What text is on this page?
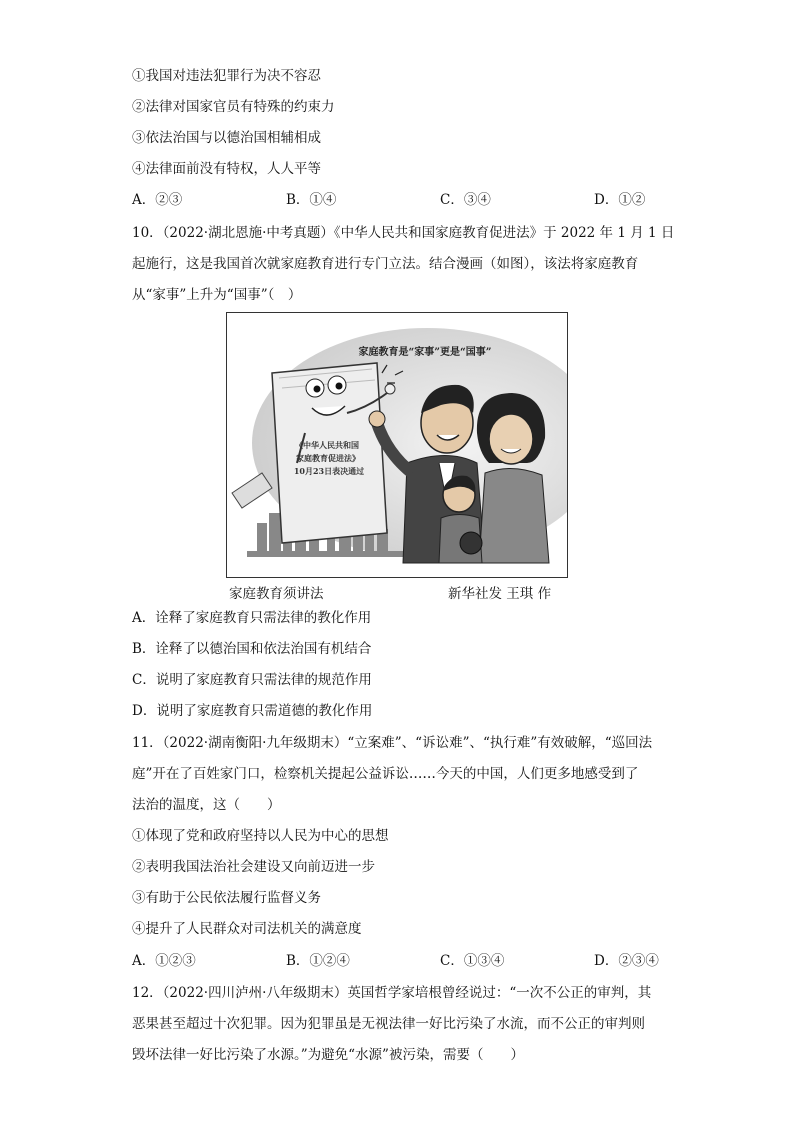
①我国对违法犯罪行为决不容忍
②法律对国家官员有特殊的约束力
③依法治国与以德治国相辅相成
④法律面前没有特权，人人平等
A．②③	B．①④	C．③④	D．①②
10．（2022·湖北恩施·中考真题）《中华人民共和国家庭教育促进法》于 2022 年 1 月 1 日
起施行，这是我国首次就家庭教育进行专门立法。结合漫画（如图），该法将家庭教育
从“家事”上升为“国事”（　）
《中华人民共和国
家庭教育促进法》
10月23日表决通过
家庭教育是“家事”更是“国事”
家庭教育须讲法	新华社发 王琪 作
A．诠释了家庭教育只需法律的教化作用
B．诠释了以德治国和依法治国有机结合
C．说明了家庭教育只需法律的规范作用
D．说明了家庭教育只需道德的教化作用
11．（2022·湖南衡阳·九年级期末）“立案难”、“诉讼难”、“执行难”有效破解，“巡回法
庭”开在了百姓家门口，检察机关提起公益诉讼……今天的中国，人们更多地感受到了
法治的温度，这（　　）
①体现了党和政府坚持以人民为中心的思想
②表明我国法治社会建设又向前迈进一步
③有助于公民依法履行监督义务
④提升了人民群众对司法机关的满意度
A．①②③	B．①②④	C．①③④	D．②③④
12．（2022·四川泸州·八年级期末）英国哲学家培根曾经说过：“一次不公正的审判，其
恶果甚至超过十次犯罪。因为犯罪虽是无视法律一好比污染了水流，而不公正的审判则
毁坏法律一好比污染了水源。”为避免“水源”被污染，需要（　　）
